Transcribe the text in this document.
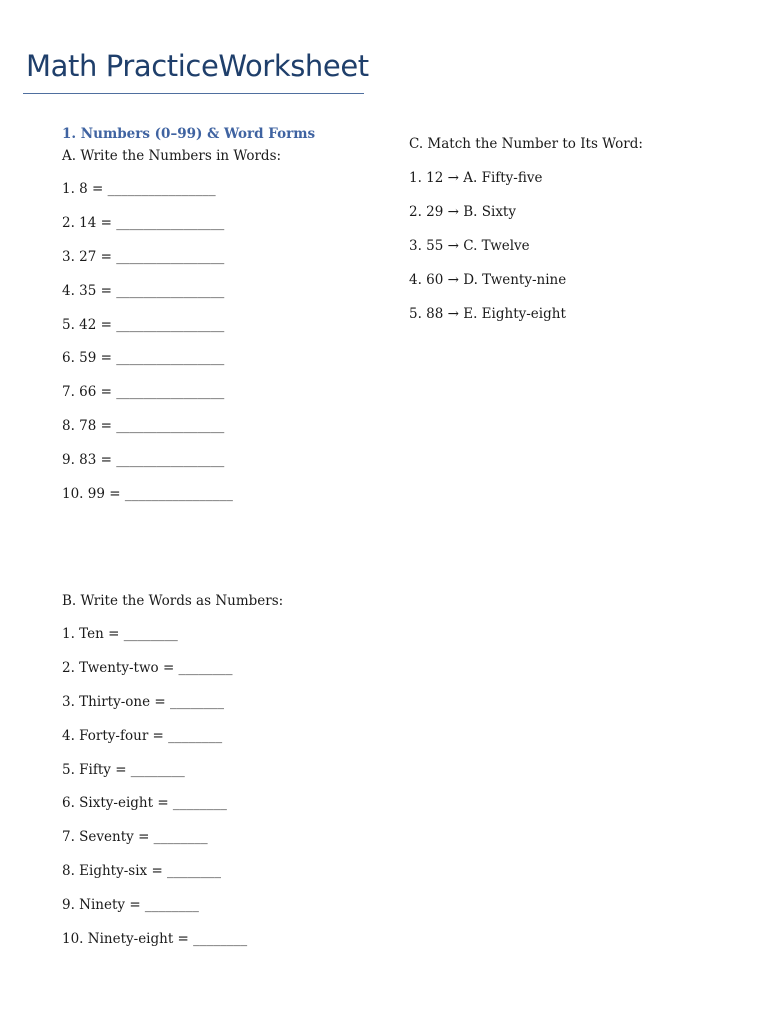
Math PracticeWorksheet
1. Numbers (0–99) & Word Forms
A. Write the Numbers in Words:
1. 8 = ________________
2. 14 = ________________
3. 27 = ________________
4. 35 = ________________
5. 42 = ________________
6. 59 = ________________
7. 66 = ________________
8. 78 = ________________
9. 83 = ________________
10. 99 = ________________
B. Write the Words as Numbers:
1. Ten = ________
2. Twenty-two = ________
3. Thirty-one = ________
4. Forty-four = ________
5. Fifty = ________
6. Sixty-eight = ________
7. Seventy = ________
8. Eighty-six = ________
9. Ninety = ________
10. Ninety-eight = ________
C. Match the Number to Its Word:
1. 12 → A. Fifty-five
2. 29 → B. Sixty
3. 55 → C. Twelve
4. 60 → D. Twenty-nine
5. 88 → E. Eighty-eight
